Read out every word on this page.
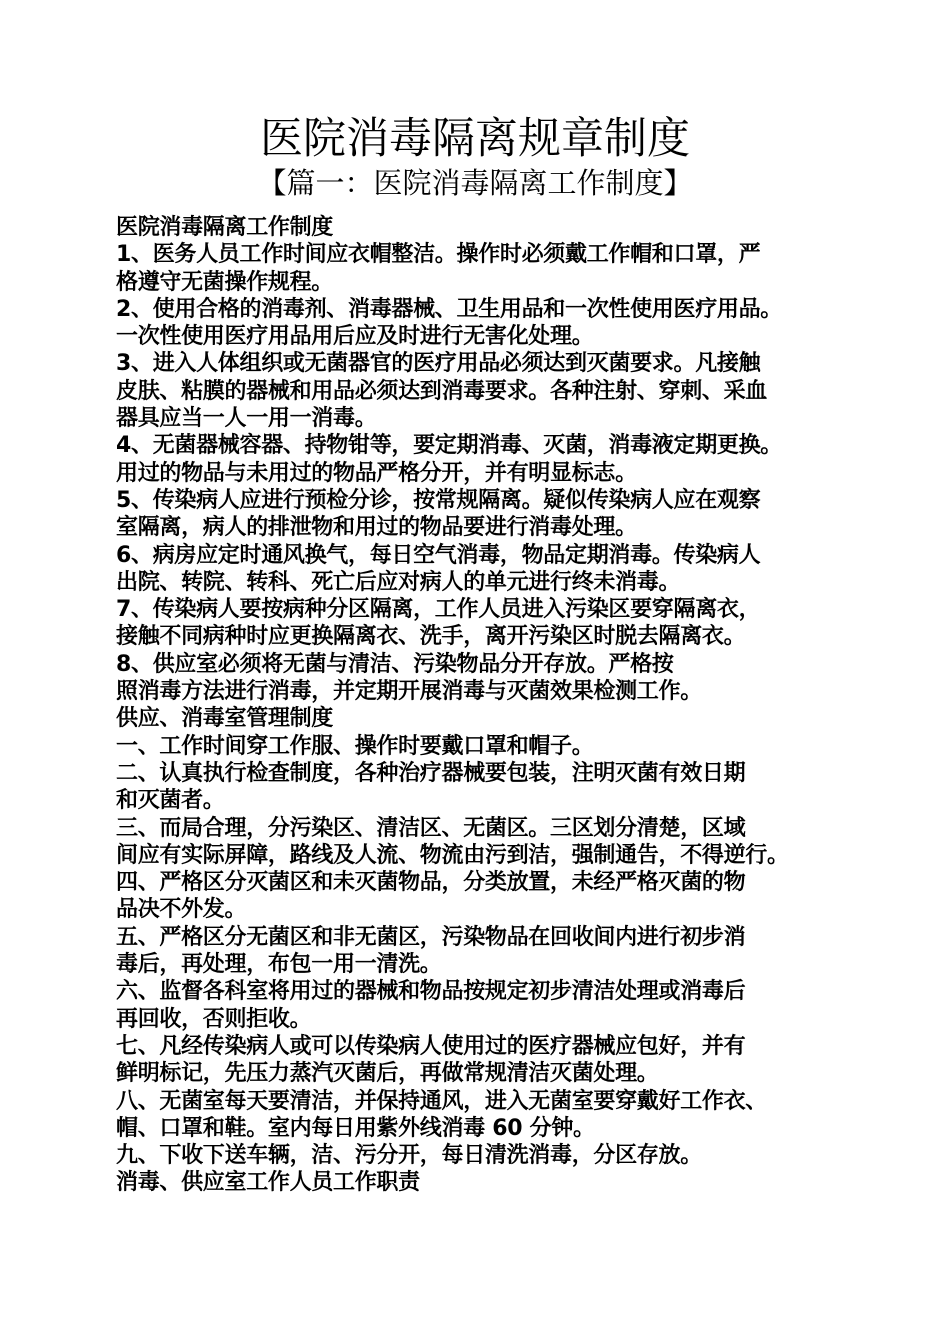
医院消毒隔离规章制度
【篇一：医院消毒隔离工作制度】
医院消毒隔离工作制度
1、医务人员工作时间应衣帽整洁。操作时必须戴工作帽和口罩，严
格遵守无菌操作规程。
2、使用合格的消毒剂、消毒器械、卫生用品和一次性使用医疗用品。
一次性使用医疗用品用后应及时进行无害化处理。
3、进入人体组织或无菌器官的医疗用品必须达到灭菌要求。凡接触
皮肤、粘膜的器械和用品必须达到消毒要求。各种注射、穿刺、采血
器具应当一人一用一消毒。
4、无菌器械容器、持物钳等，要定期消毒、灭菌，消毒液定期更换。
用过的物品与未用过的物品严格分开，并有明显标志。
5、传染病人应进行预检分诊，按常规隔离。疑似传染病人应在观察
室隔离，病人的排泄物和用过的物品要进行消毒处理。
6、病房应定时通风换气，每日空气消毒，物品定期消毒。传染病人
出院、转院、转科、死亡后应对病人的单元进行终未消毒。
7、传染病人要按病种分区隔离，工作人员进入污染区要穿隔离衣，
接触不同病种时应更换隔离衣、洗手，离开污染区时脱去隔离衣。
8、供应室必须将无菌与清洁、污染物品分开存放。严格按
照消毒方法进行消毒，并定期开展消毒与灭菌效果检测工作。
供应、消毒室管理制度
一、工作时间穿工作服、操作时要戴口罩和帽子。
二、认真执行检查制度，各种治疗器械要包装，注明灭菌有效日期
和灭菌者。
三、而局合理，分污染区、清洁区、无菌区。三区划分清楚，区域
间应有实际屏障，路线及人流、物流由污到洁，强制通告，不得逆行。
四、严格区分灭菌区和未灭菌物品，分类放置，未经严格灭菌的物
品决不外发。
五、严格区分无菌区和非无菌区，污染物品在回收间内进行初步消
毒后，再处理，布包一用一清洗。
六、监督各科室将用过的器械和物品按规定初步清洁处理或消毒后
再回收，否则拒收。
七、凡经传染病人或可以传染病人使用过的医疗器械应包好，并有
鲜明标记，先压力蒸汽灭菌后，再做常规清洁灭菌处理。
八、无菌室每天要清洁，并保持通风，进入无菌室要穿戴好工作衣、
帽、口罩和鞋。室内每日用紫外线消毒 60 分钟。
九、下收下送车辆，洁、污分开，每日清洗消毒，分区存放。
消毒、供应室工作人员工作职责
